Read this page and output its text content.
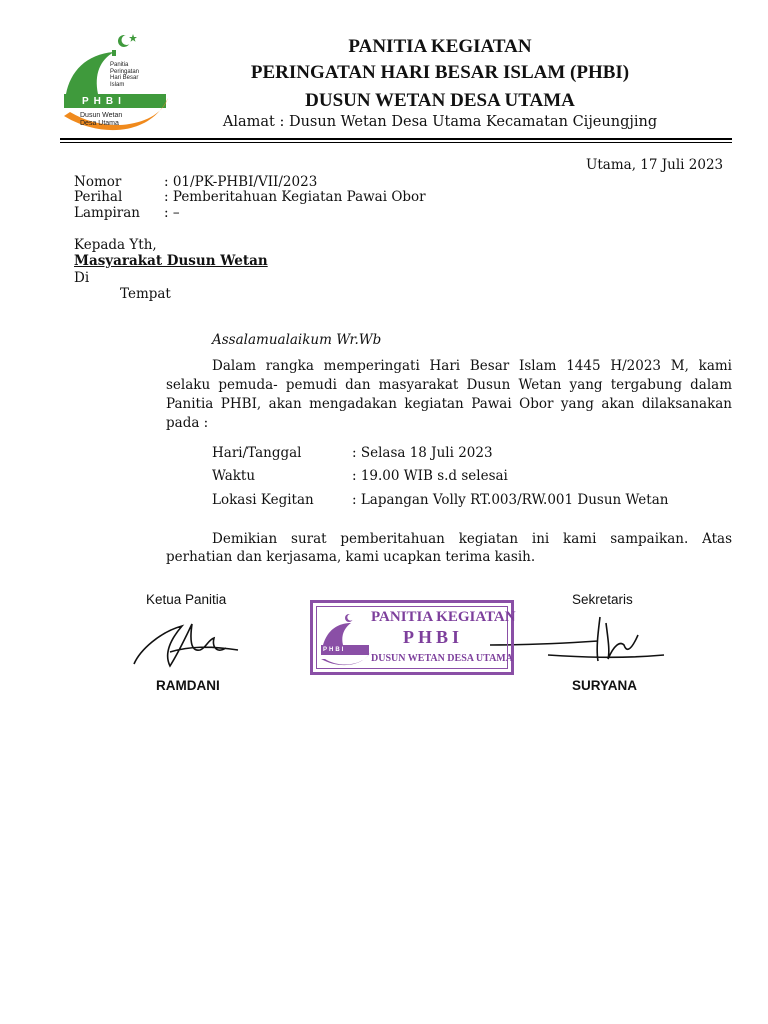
Panitia
Peringatan
Hari Besar
Islam
PHBI
Dusun Wetan
Desa Utama
PANITIA KEGIATAN
PERINGATAN HARI BESAR ISLAM (PHBI)
DUSUN WETAN DESA UTAMA
Alamat : Dusun Wetan Desa Utama Kecamatan Cijeungjing
Utama, 17 Juli 2023
Nomor	: 01/PK-PHBI/VII/2023
Perihal	: Pemberitahuan Kegiatan Pawai Obor
Lampiran : –
Kepada Yth,
Masyarakat Dusun Wetan
Di
Tempat
Assalamualaikum Wr.Wb
Dalam rangka memperingati Hari Besar Islam 1445 H/2023 M, kami
selaku pemuda- pemudi dan masyarakat Dusun Wetan yang tergabung dalam Panitia PHBI, akan mengadakan kegiatan Pawai Obor yang akan dilaksanakan pada :
Hari/Tanggal	: Selasa 18 Juli 2023
Waktu	: 19.00 WIB s.d selesai
Lokasi Kegitan	: Lapangan Volly RT.003/RW.001 Dusun Wetan
Demikian surat pemberitahuan kegiatan ini kami sampaikan. Atas
perhatian dan kerjasama, kami ucapkan terima kasih.
Ketua Panitia	Sekretaris
RAMDANI	SURYANA
PHBI
PANITIA KEGIATAN
PHBI
DUSUN WETAN DESA UTAMA
